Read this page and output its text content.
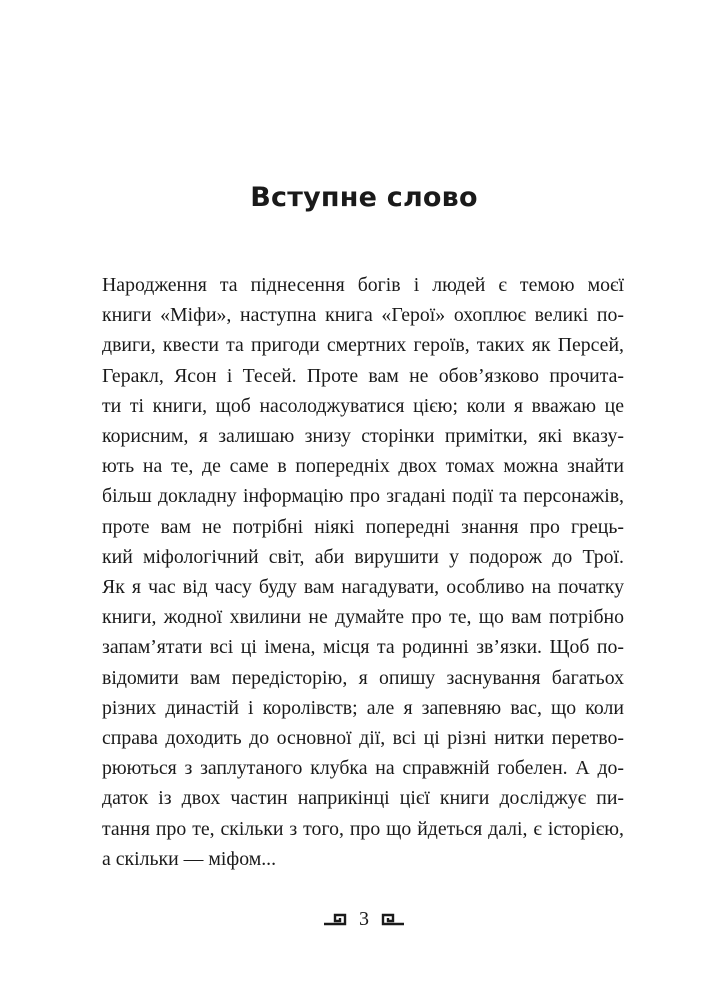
Вступне слово
Народження та піднесення богів і людей є темою моєї
книги «Міфи», наступна книга «Герої» охоплює великі по-
двиги, квести та пригоди смертних героїв, таких як Персей,
Геракл, Ясон і Тесей. Проте вам не обов’язково прочита-
ти ті книги, щоб насолоджуватися цією; коли я вважаю це
корисним, я залишаю знизу сторінки примітки, які вказу-
ють на те, де саме в попередніх двох томах можна знайти
більш докладну інформацію про згадані події та персонажів,
проте вам не потрібні ніякі попередні знання про грець-
кий міфологічний світ, аби вирушити у подорож до Трої.
Як я час від часу буду вам нагадувати, особливо на початку
книги, жодної хвилини не думайте про те, що вам потрібно
запам’ятати всі ці імена, місця та родинні зв’язки. Щоб по-
відомити вам передісторію, я опишу заснування багатьох
різних династій і королівств; але я запевняю вас, що коли
справа доходить до основної дії, всі ці різні нитки перетво-
рюються з заплутаного клубка на справжній гобелен. А до-
даток із двох частин наприкінці цієї книги досліджує пи-
тання про те, скільки з того, про що йдеться далі, є історією,
а скільки — міфом...
3
